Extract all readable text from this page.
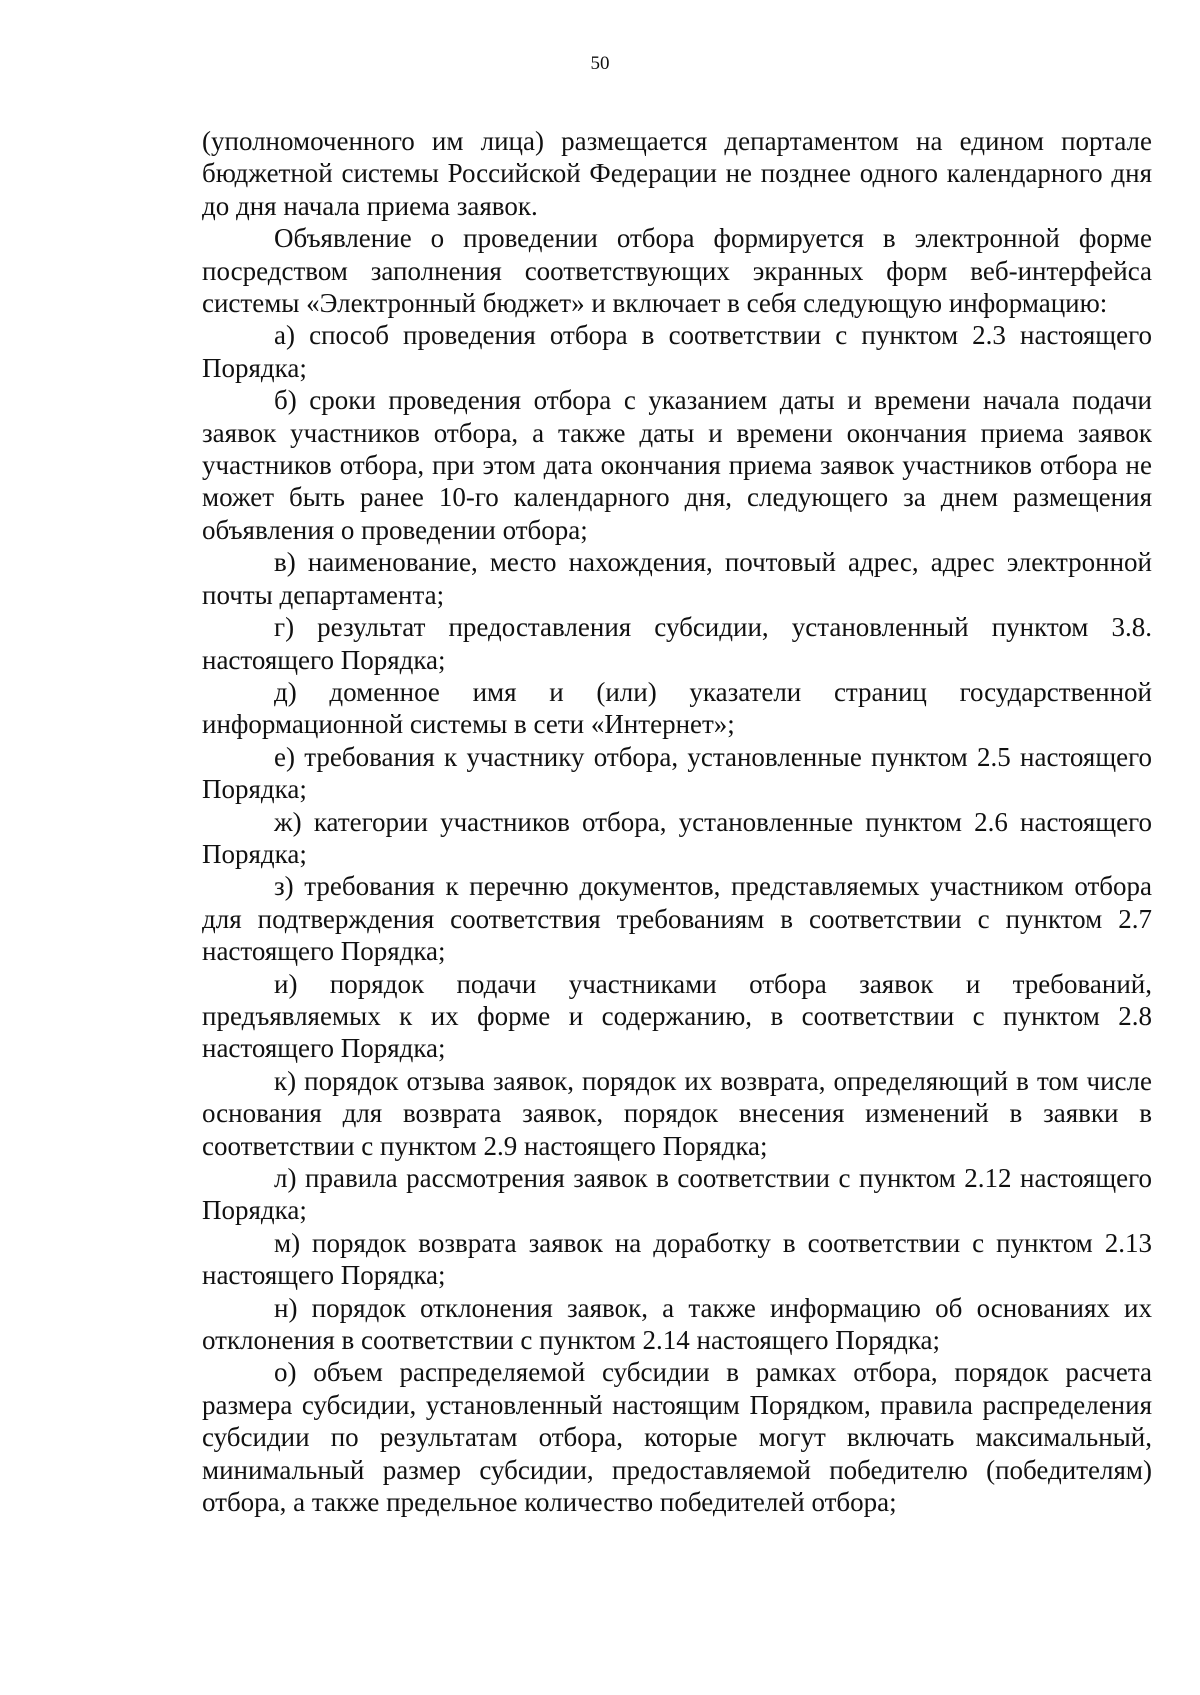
50

(уполномоченного им лица) размещается департаментом на едином портале бюджетной системы Российской Федерации не позднее одного календарного дня до дня начала приема заявок.

Объявление о проведении отбора формируется в электронной форме посредством заполнения соответствующих экранных форм веб-интерфейса системы «Электронный бюджет» и включает в себя следующую информацию:

а) способ проведения отбора в соответствии с пунктом 2.3 настоящего Порядка;

б) сроки проведения отбора с указанием даты и времени начала подачи заявок участников отбора, а также даты и времени окончания приема заявок участников отбора, при этом дата окончания приема заявок участников отбора не может быть ранее 10-го календарного дня, следующего за днем размещения объявления о проведении отбора;

в) наименование, место нахождения, почтовый адрес, адрес электронной почты департамента;

г) результат предоставления субсидии, установленный пунктом 3.8. настоящего Порядка;

д) доменное имя и (или) указатели страниц государственной информационной системы в сети «Интернет»;

е) требования к участнику отбора, установленные пунктом 2.5 настоящего Порядка;

ж) категории участников отбора, установленные пунктом 2.6 настоящего Порядка;

з) требования к перечню документов, представляемых участником отбора для подтверждения соответствия требованиям в соответствии с пунктом 2.7 настоящего Порядка;

и) порядок подачи участниками отбора заявок и требований, предъявляемых к их форме и содержанию, в соответствии с пунктом 2.8 настоящего Порядка;

к) порядок отзыва заявок, порядок их возврата, определяющий в том числе основания для возврата заявок, порядок внесения изменений в заявки в соответствии с пунктом 2.9 настоящего Порядка;

л) правила рассмотрения заявок в соответствии с пунктом 2.12 настоящего Порядка;

м) порядок возврата заявок на доработку в соответствии с пунктом 2.13 настоящего Порядка;

н) порядок отклонения заявок, а также информацию об основаниях их отклонения в соответствии с пунктом 2.14 настоящего Порядка;

о) объем распределяемой субсидии в рамках отбора, порядок расчета размера субсидии, установленный настоящим Порядком, правила распределения субсидии по результатам отбора, которые могут включать максимальный, минимальный размер субсидии, предоставляемой победителю (победителям) отбора, а также предельное количество победителей отбора;
